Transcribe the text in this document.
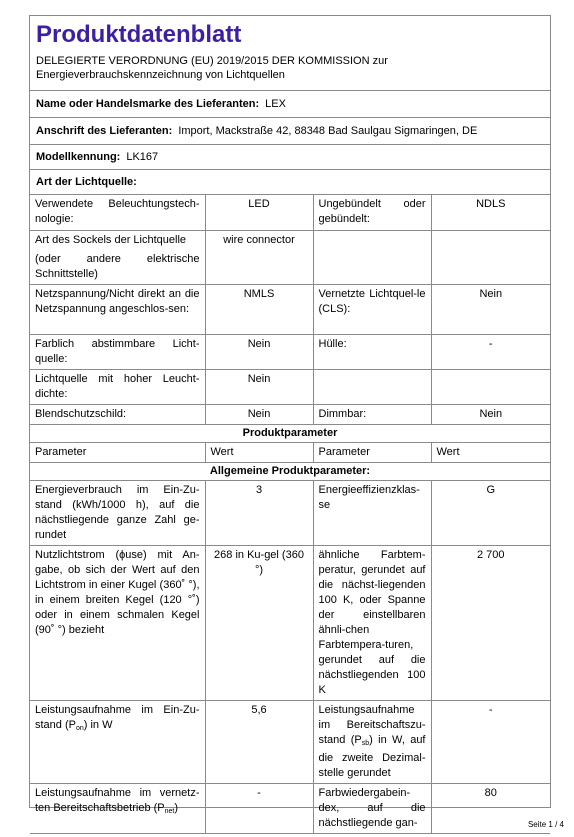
Produktdatenblatt
DELEGIERTE VERORDNUNG (EU) 2019/2015 DER KOMMISSION zur Energieverbrauchskennzeichnung von Lichtquellen
Name oder Handelsmarke des Lieferanten: LEX
Anschrift des Lieferanten: Import, Mackstraße 42, 88348 Bad Saulgau Sigmaringen, DE
Modellkennung: LK167
Art der Lichtquelle:
Verwendete Beleuchtungstech-nologie:	LED	Ungebündelt oder gebündelt:	NDLS

Art des Sockels der Lichtquelle
(oder andere elektrische Schnittstelle)	wire connector		
Netzspannung/Nicht direkt an die Netzspannung angeschlos-sen:	NMLS	Vernetzte Lichtquel-le (CLS):	Nein
Farblich abstimmbare Licht-quelle:	Nein	Hülle:	-
Lichtquelle mit hoher Leucht-dichte:	Nein		
Blendschutzschild:	Nein	Dimmbar:	Nein
Produktparameter			
Parameter	Wert	Parameter	Wert
Allgemeine Produktparameter:			
Energieverbrauch im Ein-Zu-stand (kWh/1000 h), auf die nächstliegende ganze Zahl ge-rundet	3	Energieeffizienzklas-se	G
Nutzlichtstrom (ϕuse) mit An-gabe, ob sich der Wert auf den Lichtstrom in einer Kugel (360˚ °), in einem breiten Kegel (120 °˚) oder in einem schmalen Kegel (90˚ °) bezieht	268 in Ku-gel (360 °)	ähnliche Farbtem-peratur, gerundet auf die nächst-liegenden 100 K, oder Spanne der einstellbaren ähnli-chen Farbtempera-turen, gerundet auf die nächstliegenden 100 K	2 700
Leistungsaufnahme im Ein-Zu-stand $(P_{on})$ in W	5,6	Leistungsaufnahme im Bereitschaftszu-stand $(P_{sb})$ in W, auf die zweite Dezimal-stelle gerundet	-
Leistungsaufnahme im vernetz-ten Bereitschaftsbetrieb $(P_{net})$	-	Farbwiedergabein-dex, auf die nächstliegende gan-	80
Seite 1 / 4
